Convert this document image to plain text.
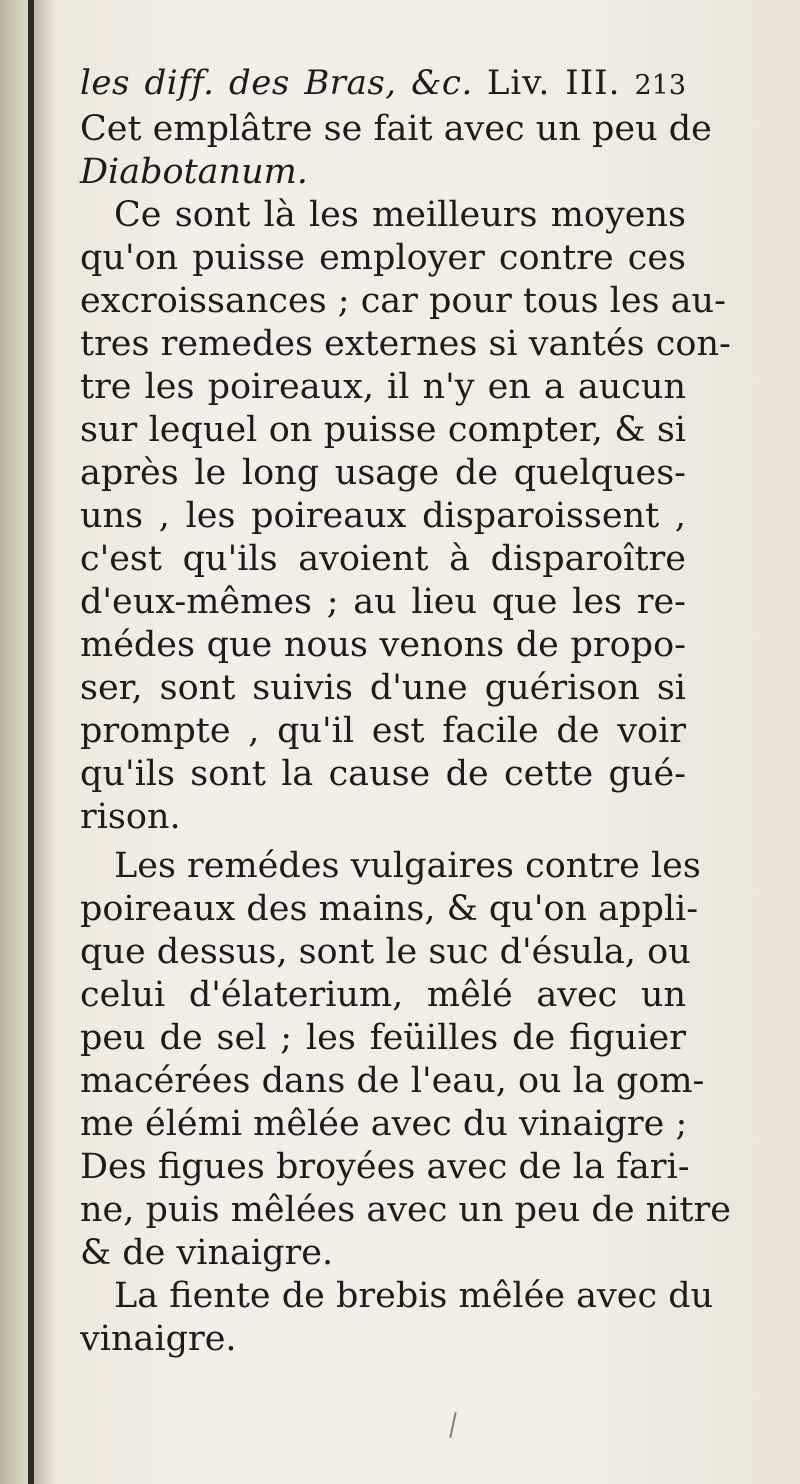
les diff. des Bras, &c. Liv. III. 213
Cet emplâtre se fait avec un peu de
Diabotanum.
Ce sont là les meilleurs moyens
qu'on puisse employer contre ces
excroissances ; car pour tous les au-
tres remedes externes si vantés con-
tre les poireaux, il n'y en a aucun
sur lequel on puisse compter, & si
après le long usage de quelques-
uns , les poireaux disparoissent ,
c'est qu'ils avoient à disparoître
d'eux-mêmes ; au lieu que les re-
médes que nous venons de propo-
ser, sont suivis d'une guérison si
prompte , qu'il est facile de voir
qu'ils sont la cause de cette gué-
rison.
Les remédes vulgaires contre les
poireaux des mains, & qu'on appli-
que dessus, sont le suc d'ésula, ou
celui d'élaterium, mêlé avec un
peu de sel ; les feüilles de figuier
macérées dans de l'eau, ou la gom-
me élémi mêlée avec du vinaigre ;
Des figues broyées avec de la fari-
ne, puis mêlées avec un peu de nitre
& de vinaigre.
La fiente de brebis mêlée avec du
vinaigre.
